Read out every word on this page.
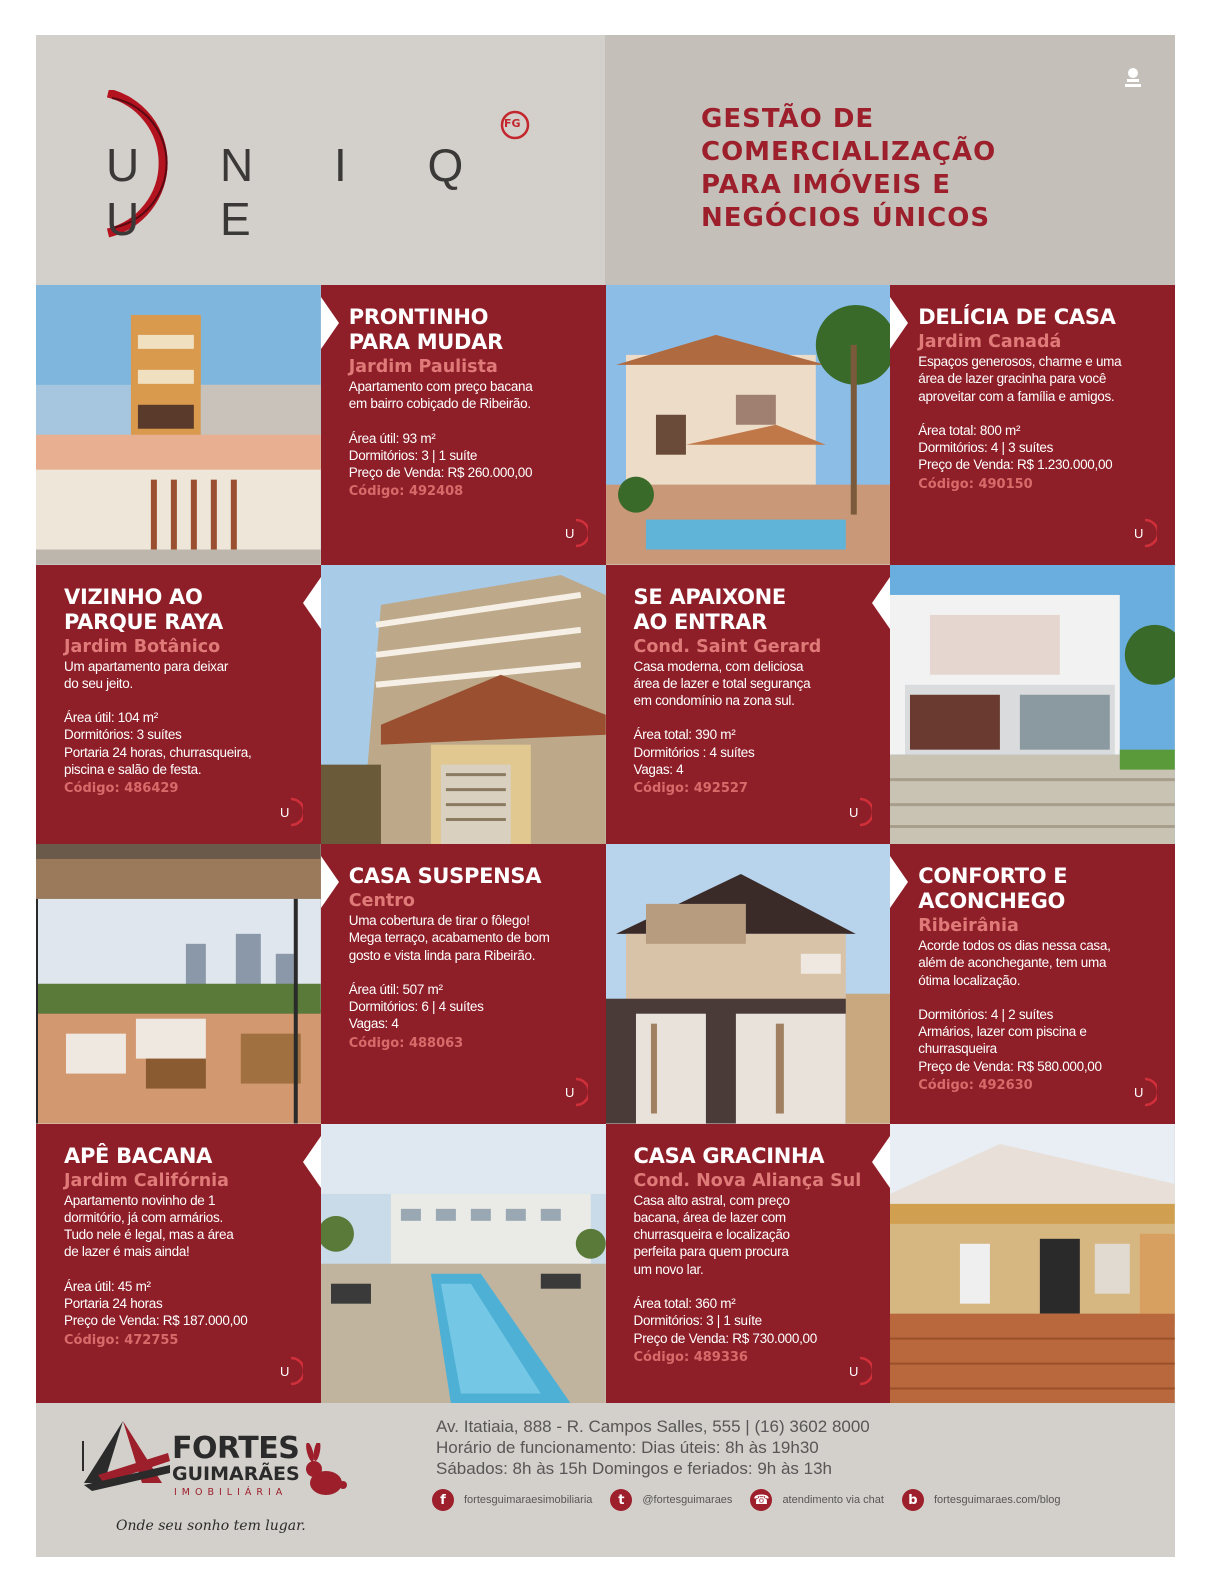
U N I Q U E
FG	GESTÃO DE
COMERCIALIZAÇÃO
PARA IMÓVEIS E
NEGÓCIOS ÚNICOS
PRONTINHO
PARA MUDAR
Jardim Paulista
Apartamento com preço bacana
em bairro cobiçado de Ribeirão.
Área útil: 93 m²
Dormitórios: 3 | 1 suíte
Preço de Venda: R$ 260.000,00
Código: 492408
U
DELÍCIA DE CASA
Jardim Canadá
Espaços generosos, charme e uma
área de lazer gracinha para você
aproveitar com a família e amigos.
Área total: 800 m²
Dormitórios: 4 | 3 suítes
Preço de Venda: R$ 1.230.000,00
Código: 490150
U
VIZINHO AO
PARQUE RAYA
Jardim Botânico
Um apartamento para deixar
do seu jeito.
Área útil: 104 m²
Dormitórios: 3 suítes
Portaria 24 horas, churrasqueira,
piscina e salão de festa.
Código: 486429
U
SE APAIXONE
AO ENTRAR
Cond. Saint Gerard
Casa moderna, com deliciosa
área de lazer e total segurança
em condomínio na zona sul.
Área total: 390 m²
Dormitórios : 4 suítes
Vagas: 4
Código: 492527
U
CASA SUSPENSA
Centro
Uma cobertura de tirar o fôlego!
Mega terraço, acabamento de bom
gosto e vista linda para Ribeirão.
Área útil: 507 m²
Dormitórios: 6 | 4 suítes
Vagas: 4
Código: 488063
U
CONFORTO E
ACONCHEGO
Ribeirânia
Acorde todos os dias nessa casa,
além de aconchegante, tem uma
ótima localização.
Dormitórios: 4 | 2 suítes
Armários, lazer com piscina e
churrasqueira
Preço de Venda: R$ 580.000,00
Código: 492630	U
APÊ BACANA
Jardim Califórnia
Apartamento novinho de 1
dormitório, já com armários.
Tudo nele é legal, mas a área
de lazer é mais ainda!
Área útil: 45 m²
Portaria 24 horas
Preço de Venda: R$ 187.000,00
Código: 472755
U
CASA GRACINHA
Cond. Nova Aliança Sul
Casa alto astral, com preço
bacana, área de lazer com
churrasqueira e localização
perfeita para quem procura
um novo lar.
Área total: 360 m²
Dormitórios: 3 | 1 suíte
Preço de Venda: R$ 730.000,00
Código: 489336
U
FORTES
GUIMARÃES
IMOBILIÁRIA
Onde seu sonho tem lugar.
Av. Itatiaia, 888 - R. Campos Salles, 555 | (16) 3602 8000
Horário de funcionamento: Dias úteis: 8h às 19h30
Sábados: 8h às 15h Domingos e feriados: 9h às 13h
f	fortesguimaraesimobiliaria	t	@fortesguimaraes ☎ atendimento via chat	b	fortesguimaraes.com/blog
